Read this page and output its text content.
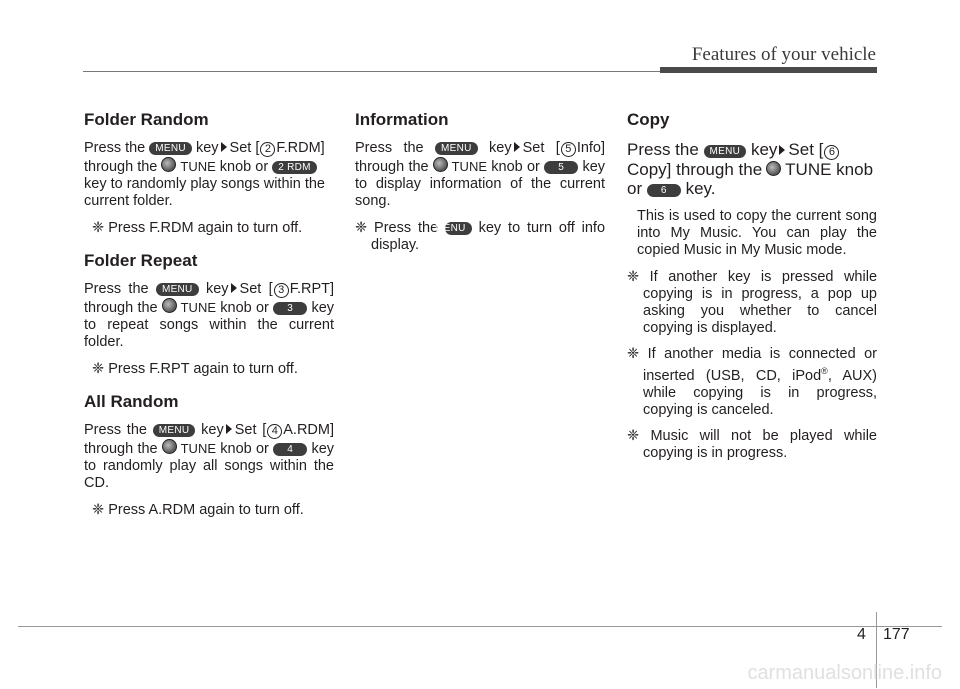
Features of your vehicle
Folder Random

Press the MENU key Set [ 2 F.RDM] through the TUNE knob or 2 RDM key to randomly play songs within the current folder.

❈ Press F.RDM again to turn off.

Folder Repeat

Press the MENU key Set [ 3 F.RPT] through the TUNE knob or 3 key to repeat songs within the current folder.

❈ Press F.RPT again to turn off.

All Random

Press the MENU key Set [ 4 A.RDM] through the TUNE knob or 4 key to randomly play all songs within the CD.

❈ Press A.RDM again to turn off.

Information

Press the MENU key Set [ 5 Info] through the TUNE knob or 5 key to display information of the current song.

❈ Press the MENU key to turn off info display.

Copy

Press the MENU key Set [ 6 Copy] through the TUNE knob or 6 key.

This is used to copy the current song into My Music. You can play the copied Music in My Music mode.

❈ If another key is pressed while copying is in progress, a pop up asking you whether to cancel copying is displayed.

❈ If another media is connected or inserted (USB, CD, iPod®, AUX) while copying is in progress, copying is canceled.

❈ Music will not be played while copying is in progress.

4 177
carmanualsonline.info
